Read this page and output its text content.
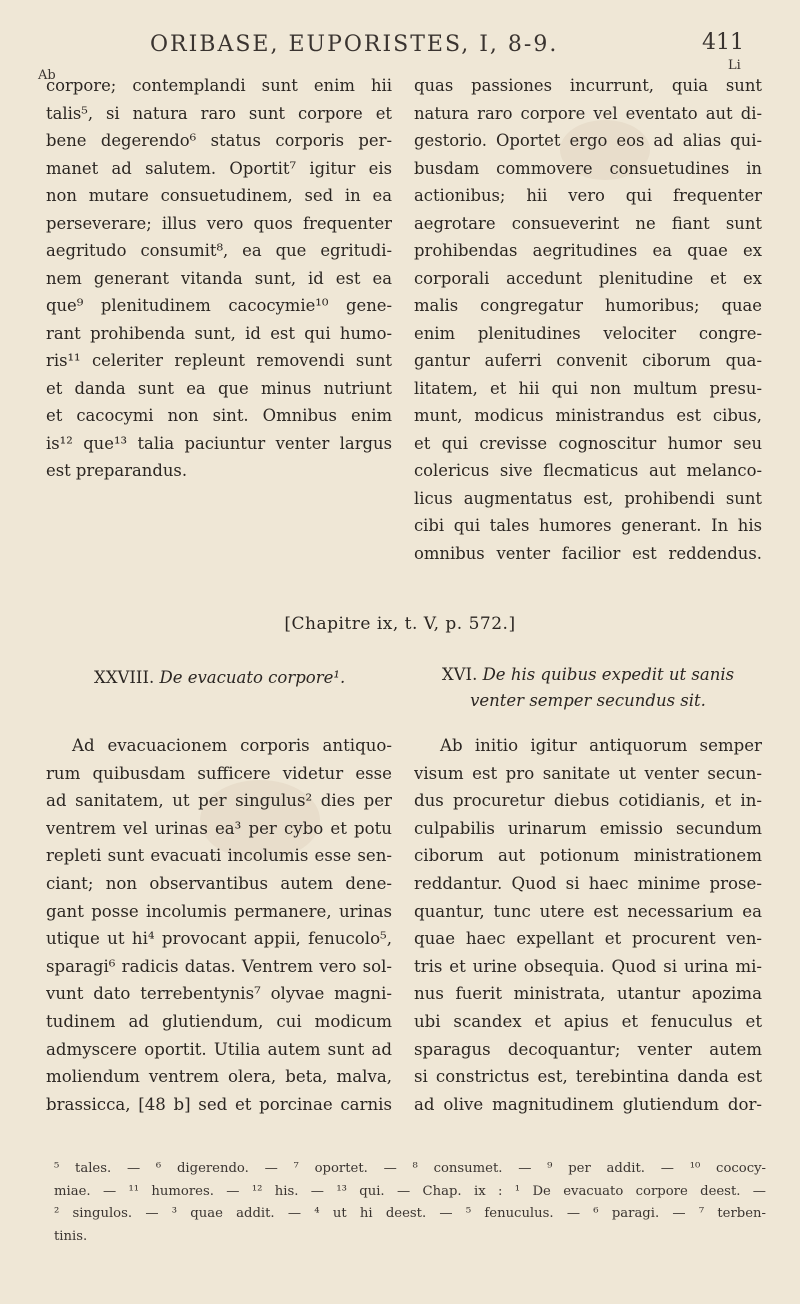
ORIBASE, EUPORISTES, I, 8-9.	411
Ab
Li
corpore; contemplandi sunt enim hii
talis⁵, si natura raro sunt corpore et
bene degerendo⁶ status corporis per-
manet ad salutem. Oportit⁷ igitur eis
non mutare consuetudinem, sed in ea
perseverare; illus vero quos frequenter
aegritudo consumit⁸, ea que egritudi-
nem generant vitanda sunt, id est ea
que⁹ plenitudinem cacocymie¹⁰ gene-
rant prohibenda sunt, id est qui humo-
ris¹¹ celeriter repleunt removendi sunt
et danda sunt ea que minus nutriunt
et cacocymi non sint. Omnibus enim
is¹² que¹³ talia paciuntur venter largus
est preparandus.
quas passiones incurrunt, quia sunt
natura raro corpore vel eventato aut di-
gestorio. Oportet ergo eos ad alias qui-
busdam commovere consuetudines in
actionibus; hii vero qui frequenter
aegrotare consueverint ne fiant sunt
prohibendas aegritudines ea quae ex
corporali accedunt plenitudine et ex
malis congregatur humoribus; quae
enim plenitudines velociter congre-
gantur auferri convenit ciborum qua-
litatem, et hii qui non multum presu-
munt, modicus ministrandus est cibus,
et qui crevisse cognoscitur humor seu
colericus sive flecmaticus aut melanco-
licus augmentatus est, prohibendi sunt
cibi qui tales humores generant. In his
omnibus venter facilior est reddendus.
[Chapitre ix, t. V, p. 572.]
XXVIII. De evacuato corpore¹.	XVI. De his quibus expedit ut sanis
venter semper secundus sit.
Ad evacuacionem corporis antiquo-
rum quibusdam sufficere videtur esse
ad sanitatem, ut per singulus² dies per
ventrem vel urinas ea³ per cybo et potu
repleti sunt evacuati incolumis esse sen-
ciant; non observantibus autem dene-
gant posse incolumis permanere, urinas
utique ut hi⁴ provocant appii, fenucolo⁵,
sparagi⁶ radicis datas. Ventrem vero sol-
vunt dato terrebentynis⁷ olyvae magni-
tudinem ad glutiendum, cui modicum
admyscere oportit. Utilia autem sunt ad
moliendum ventrem olera, beta, malva,
brassicca, [48 b] sed et porcinae carnis
Ab initio igitur antiquorum semper
visum est pro sanitate ut venter secun-
dus procuretur diebus cotidianis, et in-
culpabilis urinarum emissio secundum
ciborum aut potionum ministrationem
reddantur. Quod si haec minime prose-
quantur, tunc utere est necessarium ea
quae haec expellant et procurent ven-
tris et urine obsequia. Quod si urina mi-
nus fuerit ministrata, utantur apozima
ubi scandex et apius et fenuculus et
sparagus decoquantur; venter autem
si constrictus est, terebintina danda est
ad olive magnitudinem glutiendum dor-
⁵ tales. — ⁶ digerendo. — ⁷ oportet. — ⁸ consumet. — ⁹ per addit. — ¹⁰ cococy-
miae. — ¹¹ humores. — ¹² his. — ¹³ qui. — Chap. ix : ¹ De evacuato corpore deest. —
² singulos. — ³ quae addit. — ⁴ ut hi deest. — ⁵ fenuculus. — ⁶ paragi. — ⁷ terben-
tinis.
